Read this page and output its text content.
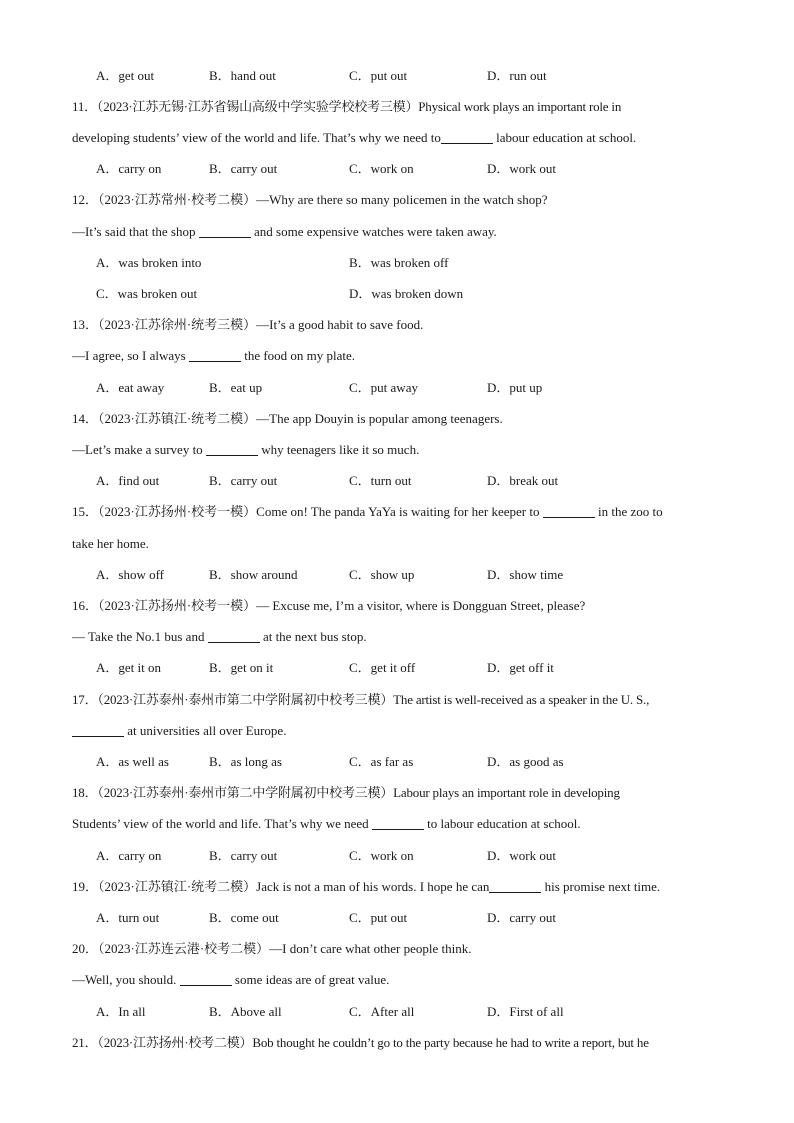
A．get out	B．hand out	C．put out	D．run out
11．（2023·江苏无锡·江苏省锡山高级中学实验学校校考三模）Physical work plays an important role in
developing students’ view of the world and life. That’s why we need to	labour education at school.
A．carry on	B．carry out	C．work on	D．work out
12．（2023·江苏常州·校考二模）—Why are there so many policemen in the watch shop?
—It’s said that the shop	and some expensive watches were taken away.
A．was broken into	B．was broken off
C．was broken out	D．was broken down
13．（2023·江苏徐州·统考三模）—It’s a good habit to save food.
—I agree, so I always	the food on my plate.
A．eat away	B．eat up	C．put away	D．put up
14．（2023·江苏镇江·统考二模）—The app Douyin is popular among teenagers.
—Let’s make a survey to	why teenagers like it so much.
A．find out	B．carry out	C．turn out	D．break out
15．（2023·江苏扬州·校考一模）Come on! The panda YaYa is waiting for her keeper to	in the zoo to
take her home.
A．show off	B．show around	C．show up	D．show time
16．（2023·江苏扬州·校考一模）— Excuse me, I’m a visitor, where is Dongguan Street, please?
— Take the No.1 bus and	at the next bus stop.
A．get it on	B．get on it	C．get it off	D．get off it
17．（2023·江苏泰州·泰州市第二中学附属初中校考三模）The artist is well-received as a speaker in the U. S.,
at universities all over Europe.
A．as well as	B．as long as	C．as far as	D．as good as
18．（2023·江苏泰州·泰州市第二中学附属初中校考三模）Labour plays an important role in developing
Students’ view of the world and life. That’s why we need	to labour education at school.
A．carry on	B．carry out	C．work on	D．work out
19．（2023·江苏镇江·统考二模）Jack is not a man of his words. I hope he can	his promise next time.
A．turn out	B．come out	C．put out	D．carry out
20．（2023·江苏连云港·校考二模）—I don’t care what other people think.
—Well, you should.	some ideas are of great value.
A．In all	B．Above all	C．After all	D．First of all
21．（2023·江苏扬州·校考二模）Bob thought he couldn’t go to the party because he had to write a report, but he
